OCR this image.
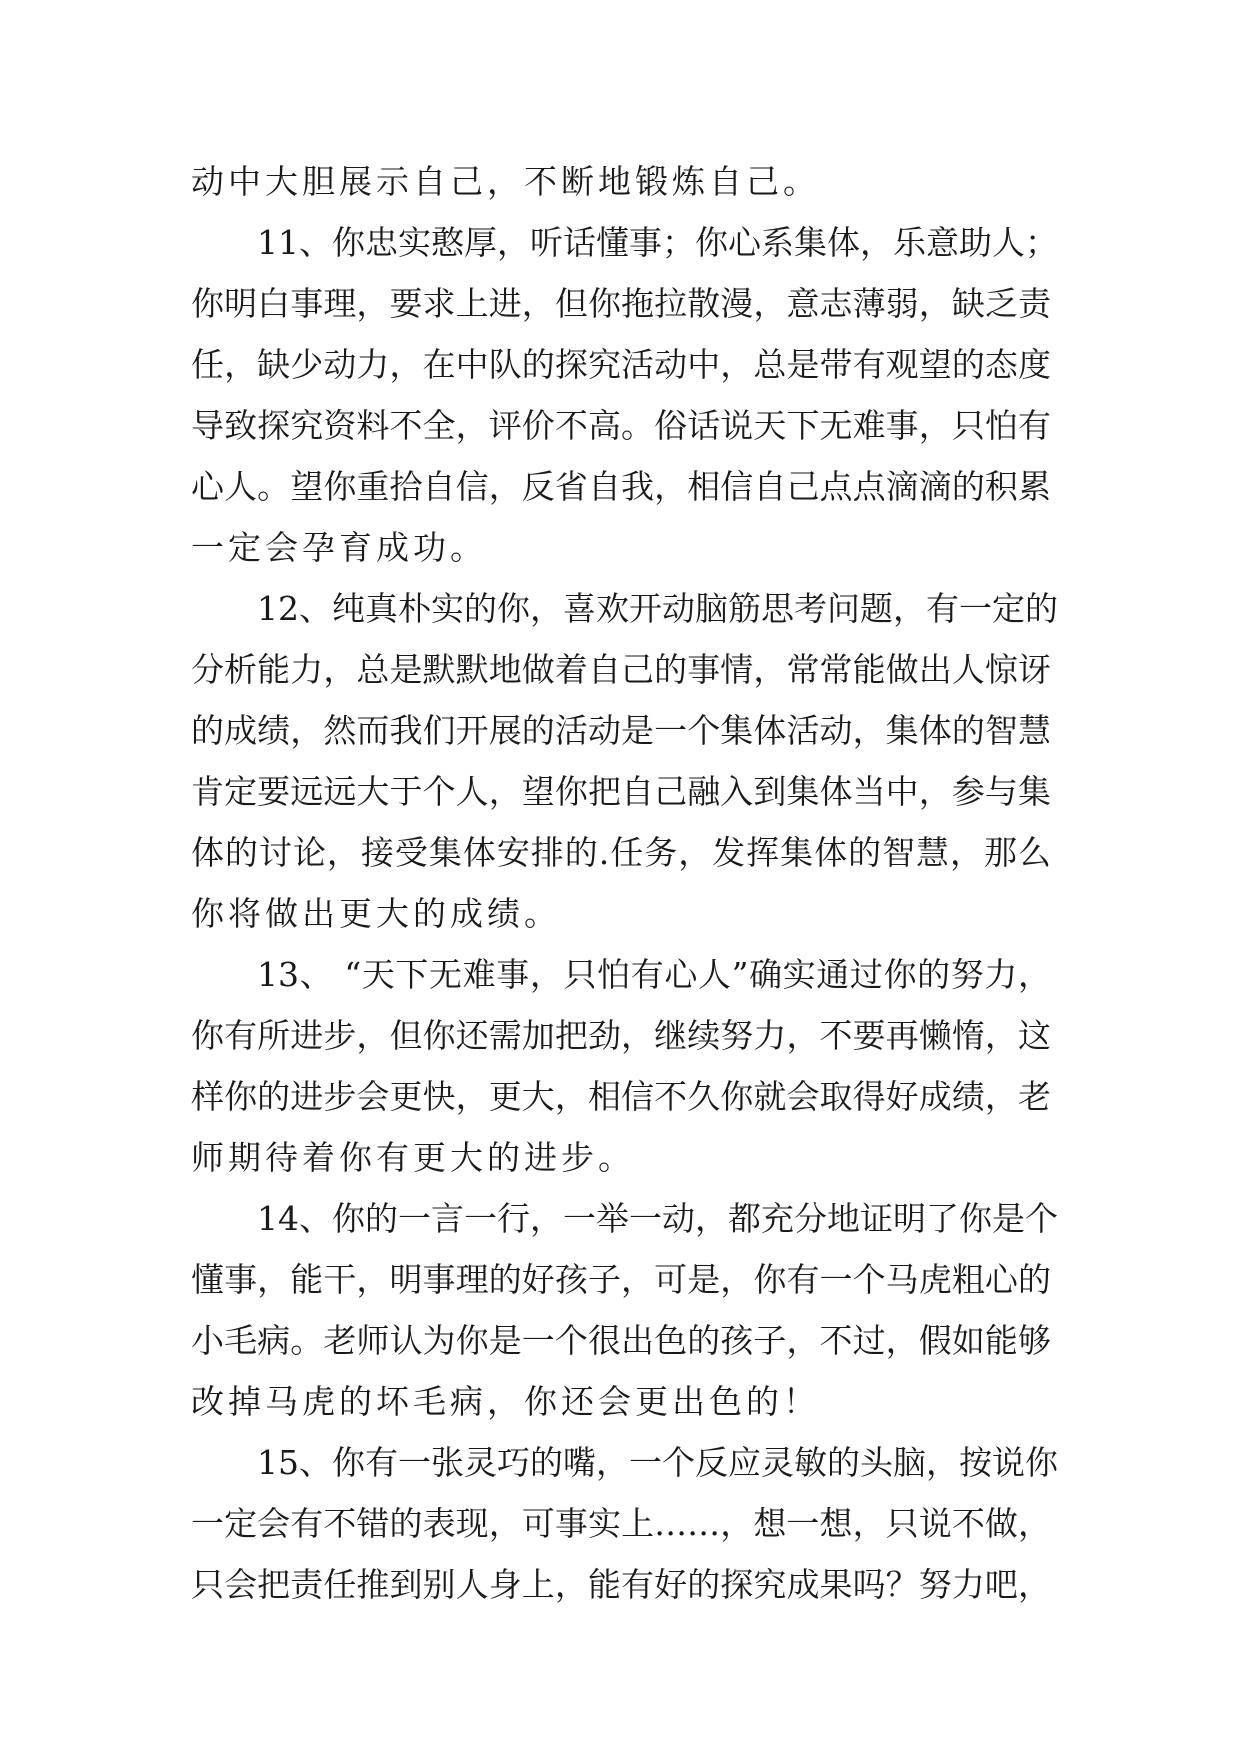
动中大胆展示自己，不断地锻炼自己。
11、你忠实憨厚，听话懂事；你心系集体，乐意助人；
你明白事理，要求上进，但你拖拉散漫，意志薄弱，缺乏责
任，缺少动力，在中队的探究活动中，总是带有观望的态度
导致探究资料不全，评价不高。俗话说天下无难事，只怕有
心人。望你重拾自信，反省自我，相信自己点点滴滴的积累
一定会孕育成功。
12、纯真朴实的你，喜欢开动脑筋思考问题，有一定的
分析能力，总是默默地做着自己的事情，常常能做出人惊讶
的成绩，然而我们开展的活动是一个集体活动，集体的智慧
肯定要远远大于个人，望你把自己融入到集体当中，参与集
体的讨论，接受集体安排的.任务，发挥集体的智慧，那么
你将做出更大的成绩。
13、 “天下无难事，只怕有心人”确实通过你的努力，
你有所进步，但你还需加把劲，继续努力，不要再懒惰，这
样你的进步会更快，更大，相信不久你就会取得好成绩，老
师期待着你有更大的进步。
14、你的一言一行，一举一动，都充分地证明了你是个
懂事，能干，明事理的好孩子，可是，你有一个马虎粗心的
小毛病。老师认为你是一个很出色的孩子，不过，假如能够
改掉马虎的坏毛病，你还会更出色的！
15、你有一张灵巧的嘴，一个反应灵敏的头脑，按说你
一定会有不错的表现，可事实上……，想一想，只说不做，
只会把责任推到别人身上，能有好的探究成果吗？努力吧，
